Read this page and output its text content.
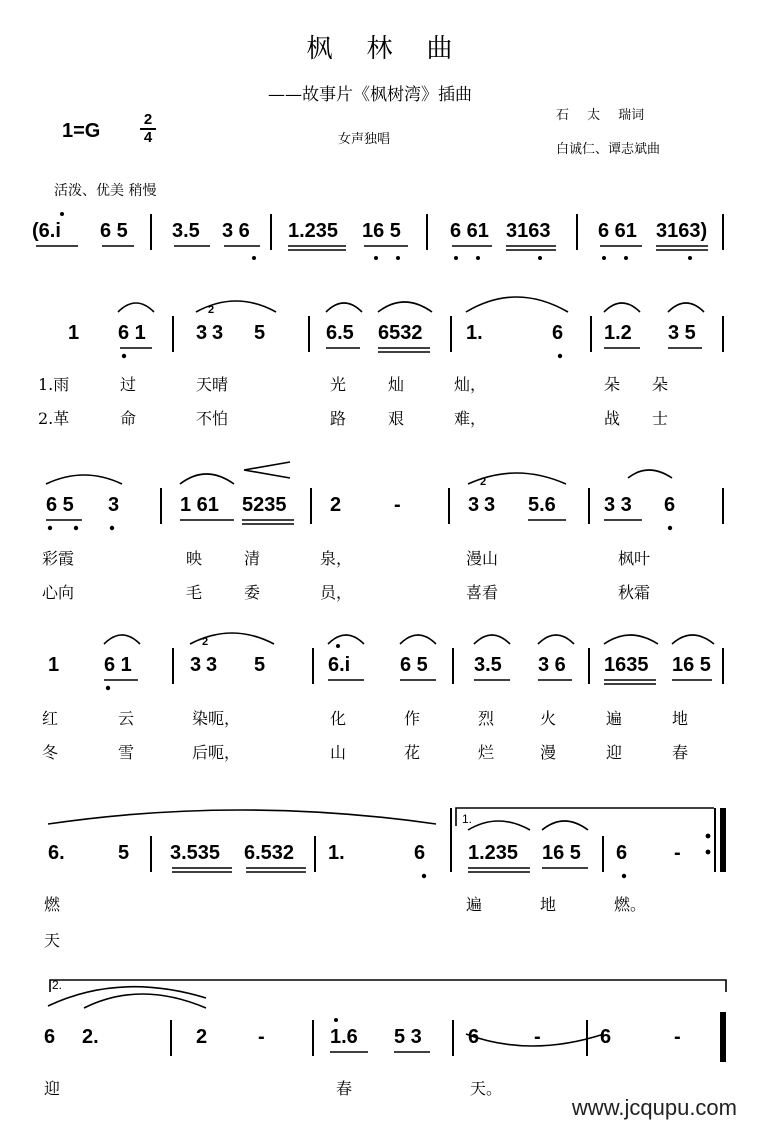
枫林曲
——故事片《枫树湾》插曲
女声独唱
石 太 瑞词
白诚仁、谭志斌曲
1=G
2
4
活泼、优美 稍慢
(6.i 6 5 3.5 3 6 1.235 16 5 6 61 3163 6 61 3163)
1 6 1	3 3 5	6.5 6532 1.	6 1.2 3 5
1.雨	过	天晴	光	灿	灿，	朵朵
2.革	命	不怕	路	艰	难，	战士
6 5 3	1 61 5235 2	-	3 3 5.6 3 3 6
彩霞	映	清	泉，	漫山	枫叶
心向	毛	委	员，	喜看	秋霜
1 6 1	3 3 5	6.i 6 5 3.5 3 6 1635 16 5
红	云	染呃，	化	作	烈	火	遍	地
冬	雪	后呃，	山	花	烂	漫	迎	春
6.	5 3.535 6.532 1.	6 1.235 16 5 6 -
1.
燃	遍	地	燃。
天
2.
6 2.	2	-	1.6 5 3 6	-	6	-
迎	春	天。
2
2
2
www.jcqupu.com
